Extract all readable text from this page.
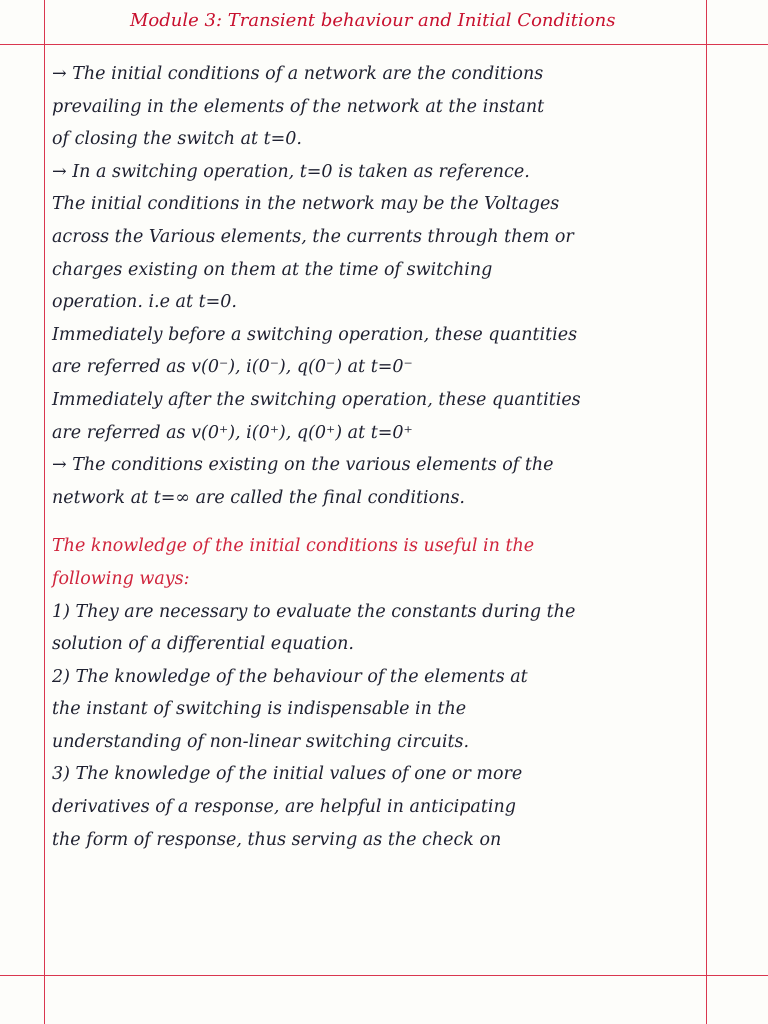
Module 3: Transient behaviour and Initial Conditions
→ The initial conditions of a network are the conditions
prevailing in the elements of the network at the instant
of closing the switch at t=0.
→ In a switching operation, t=0 is taken as reference.
The initial conditions in the network may be the Voltages
across the Various elements, the currents through them or
charges existing on them at the time of switching
operation. i.e at t=0.
Immediately before a switching operation, these quantities
are referred as v(0⁻), i(0⁻), q(0⁻) at t=0⁻
Immediately after the switching operation, these quantities
are referred as v(0⁺), i(0⁺), q(0⁺) at t=0⁺
→ The conditions existing on the various elements of the
network at t=∞ are called the final conditions.
The knowledge of the initial conditions is useful in the
following ways:
1) They are necessary to evaluate the constants during the
solution of a differential equation.
2) The knowledge of the behaviour of the elements at
the instant of switching is indispensable in the
understanding of non-linear switching circuits.
3) The knowledge of the initial values of one or more
derivatives of a response, are helpful in anticipating
the form of response, thus serving as the check on
